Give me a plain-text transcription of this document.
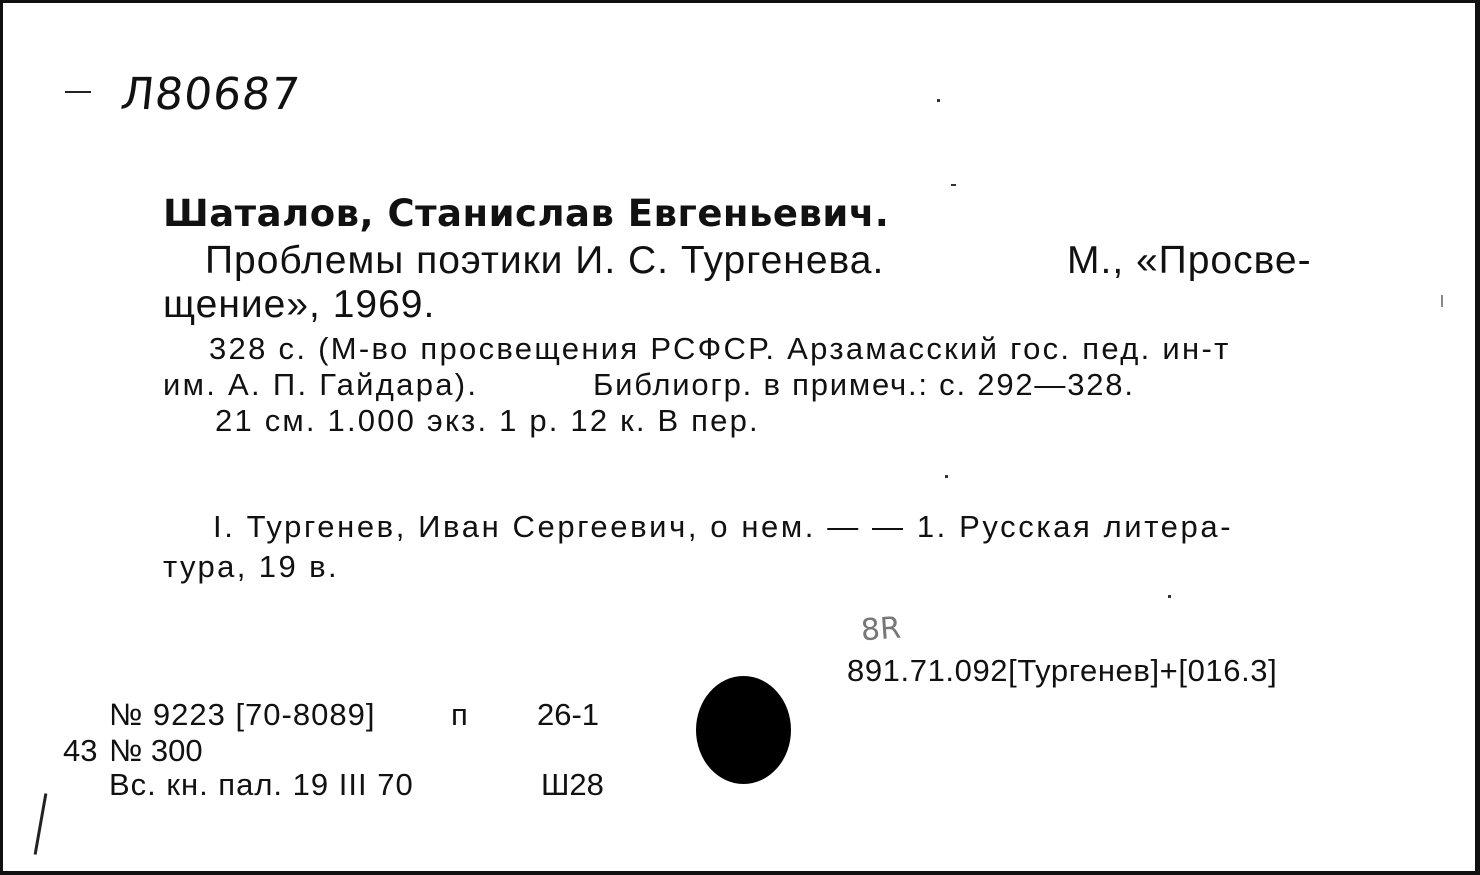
Л80687
Шаталов, Станислав Евгеньевич.
Проблемы поэтики И. С. Тургенева.	М., «Просве-
щение», 1969.
328 с. (М-во просвещения РСФСР. Арзамасский гос. пед. ин-т
им. А. П. Гайдара).	Библиогр. в примеч.: с. 292—328.
21 см. 1.000 экз. 1 р. 12 к. В пер.
I. Тургенев, Иван Сергеевич, о нем. — — 1. Русская литера-
тура, 19 в.
8R
891.71.092[Тургенев]+[016.3]
№ 9223 [70-8089] п 26-1
43 № 300
Вс. кн. пал. 19 III 70	Ш28
